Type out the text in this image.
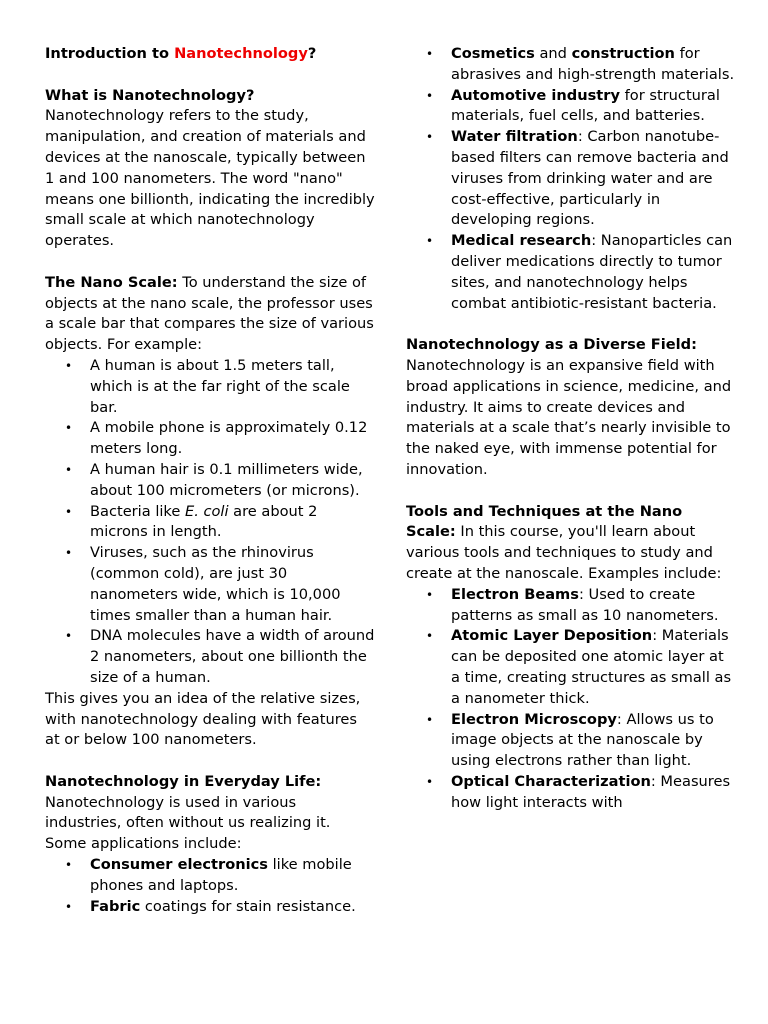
Introduction to Nanotechnology?

What is Nanotechnology?

Nanotechnology refers to the study, manipulation, and creation of materials and devices at the nanoscale, typically between 1 and 100 nanometers. The word "nano" means one billionth, indicating the incredibly small scale at which nanotechnology operates.

The Nano Scale: To understand the size of objects at the nano scale, the professor uses a scale bar that compares the size of various objects. For example:

• A human is about 1.5 meters tall, which is at the far right of the scale bar.
• A mobile phone is approximately 0.12 meters long.
• A human hair is 0.1 millimeters wide, about 100 micrometers (or microns).
• Bacteria like E. coli are about 2 microns in length.
• Viruses, such as the rhinovirus (common cold), are just 30 nanometers wide, which is 10,000 times smaller than a human hair.
• DNA molecules have a width of around 2 nanometers, about one billionth the size of a human.

This gives you an idea of the relative sizes, with nanotechnology dealing with features at or below 100 nanometers.

Nanotechnology in Everyday Life:

Nanotechnology is used in various industries, often without us realizing it. Some applications include:

• Consumer electronics like mobile phones and laptops.
• Fabric coatings for stain resistance.
• Cosmetics and construction for abrasives and high-strength materials.
• Automotive industry for structural materials, fuel cells, and batteries.
• Water filtration: Carbon nanotube-based filters can remove bacteria and viruses from drinking water and are cost-effective, particularly in developing regions.
• Medical research: Nanoparticles can deliver medications directly to tumor sites, and nanotechnology helps combat antibiotic-resistant bacteria.

Nanotechnology as a Diverse Field:

Nanotechnology is an expansive field with broad applications in science, medicine, and industry. It aims to create devices and materials at a scale that’s nearly invisible to the naked eye, with immense potential for innovation.

Tools and Techniques at the Nano Scale: In this course, you'll learn about various tools and techniques to study and create at the nanoscale. Examples include:

• Electron Beams: Used to create patterns as small as 10 nanometers.
• Atomic Layer Deposition: Materials can be deposited one atomic layer at a time, creating structures as small as a nanometer thick.
• Electron Microscopy: Allows us to image objects at the nanoscale by using electrons rather than light.
• Optical Characterization: Measures how light interacts with
